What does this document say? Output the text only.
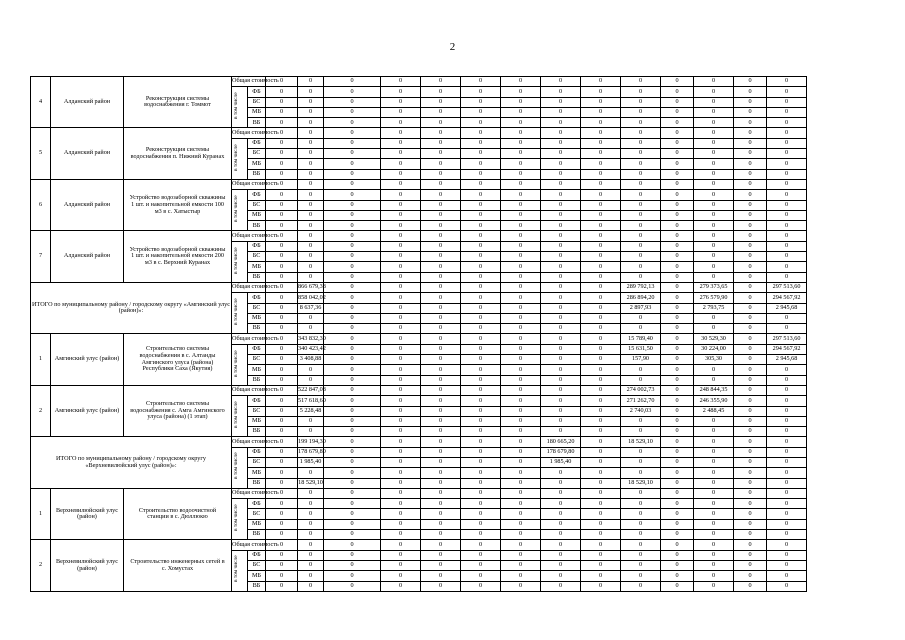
2
4	Алданский район	Реконструкция системы водоснабжения г. Томмот	Общая стоимость		0	0	0	0	0	0	0	0	0	0	0	0	0	0
			в том числе	ФБ	0	0	0	0	0	0	0	0	0	0	0	0	0	0
				БС	0	0	0	0	0	0	0	0	0	0	0	0	0	0
				МБ	0	0	0	0	0	0	0	0	0	0	0	0	0	0
				ВБ	0	0	0	0	0	0	0	0	0	0	0	0	0	0
5	Алданский район	Реконструкция системы водоснабжения п. Нижний Куранах	Общая стоимость		0	0	0	0	0	0	0	0	0	0	0	0	0	0
			в том числе	ФБ	0	0	0	0	0	0	0	0	0	0	0	0	0	0
				БС	0	0	0	0	0	0	0	0	0	0	0	0	0	0
				МБ	0	0	0	0	0	0	0	0	0	0	0	0	0	0
				ВБ	0	0	0	0	0	0	0	0	0	0	0	0	0	0
6	Алданский район	Устройство водозаборной скважины 1 шт. и накопительной емкости 100 м3 в с. Хатыстыр	Общая стоимость		0	0	0	0	0	0	0	0	0	0	0	0	0	0
			в том числе	ФБ	0	0	0	0	0	0	0	0	0	0	0	0	0	0
				БС	0	0	0	0	0	0	0	0	0	0	0	0	0	0
				МБ	0	0	0	0	0	0	0	0	0	0	0	0	0	0
				ВБ	0	0	0	0	0	0	0	0	0	0	0	0	0	0
7	Алданский район	Устройство водозаборной скважины 1 шт. и накопительной емкости 200 м3 в с. Верхний Куранах	Общая стоимость		0	0	0	0	0	0	0	0	0	0	0	0	0	0
			в том числе	ФБ	0	0	0	0	0	0	0	0	0	0	0	0	0	0
				БС	0	0	0	0	0	0	0	0	0	0	0	0	0	0
				МБ	0	0	0	0	0	0	0	0	0	0	0	0	0	0
				ВБ	0	0	0	0	0	0	0	0	0	0	0	0	0	0
ИТОГО по муниципальному району / городскому округу «Амгинский улус (район)»:			Общая стоимость		0	866 679,38	0	0	0	0	0	0	0	289 792,13	0	279 373,65	0	297 513,60
			в том числе	ФБ	0	858 042,02	0	0	0	0	0	0	0	286 894,20	0	276 579,90	0	294 567,92
				БС	0	8 637,36	0	0	0	0	0	0	0	2 897,93	0	2 793,75	0	2 945,68
				МБ	0	0	0	0	0	0	0	0	0	0	0	0	0	0
				ВБ	0	0	0	0	0	0	0	0	0	0	0	0	0	0
1	Амгинский улус (район)	Строительство системы водоснабжения в с. Алтанды Амгинского улуса (района) Республики Саха (Якутия)	Общая стоимость		0	343 832,30	0	0	0	0	0	0	0	15 789,40	0	30 529,30	0	297 513,60
			в том числе	ФБ	0	340 423,42	0	0	0	0	0	0	0	15 631,50	0	30 224,00	0	294 567,92
				БС	0	3 408,88	0	0	0	0	0	0	0	157,90	0	305,30	0	2 945,68
				МБ	0	0	0	0	0	0	0	0	0	0	0	0	0	0
				ВБ	0	0	0	0	0	0	0	0	0	0	0	0	0	0
2	Амгинский улус (район)	Строительство системы водоснабжения с. Амга Амгинского улуса (района) (1 этап)	Общая стоимость		0	522 847,08	0	0	0	0	0	0	0	274 002,73	0	248 844,35	0	0
			в том числе	ФБ	0	517 618,60	0	0	0	0	0	0	0	271 262,70	0	246 355,90	0	0
				БС	0	5 228,48	0	0	0	0	0	0	0	2 740,03	0	2 488,45	0	0
				МБ	0	0	0	0	0	0	0	0	0	0	0	0	0	0
				ВБ	0	0	0	0	0	0	0	0	0	0	0	0	0	0
ИТОГО по муниципальному району / городскому округу «Верхневилюйский улус (район)»:			Общая стоимость		0	199 194,30	0	0	0	0	0	180 665,20	0	18 529,10	0	0	0	0
			в том числе	ФБ	0	178 679,80	0	0	0	0	0	178 679,80	0	0	0	0	0	0
				БС	0	1 985,40	0	0	0	0	0	1 985,40	0	0	0	0	0	0
				МБ	0	0	0	0	0	0	0	0	0	0	0	0	0	0
				ВБ	0	18 529,10	0	0	0	0	0	0	0	18 529,10	0	0	0	0
1	Верхневилюйский улус (район)	Строительство водоочистной станции в с. Дюллюкю	Общая стоимость		0	0	0	0	0	0	0	0	0	0	0	0	0	0
			в том числе	ФБ	0	0	0	0	0	0	0	0	0	0	0	0	0	0
				БС	0	0	0	0	0	0	0	0	0	0	0	0	0	0
				МБ	0	0	0	0	0	0	0	0	0	0	0	0	0	0
				ВБ	0	0	0	0	0	0	0	0	0	0	0	0	0	0
2	Верхневилюйский улус (район)	Строительство инженерных сетей в с. Хомустах	Общая стоимость		0	0	0	0	0	0	0	0	0	0	0	0	0	0
			в том числе	ФБ	0	0	0	0	0	0	0	0	0	0	0	0	0	0
				БС	0	0	0	0	0	0	0	0	0	0	0	0	0	0
				МБ	0	0	0	0	0	0	0	0	0	0	0	0	0	0
				ВБ	0	0	0	0	0	0	0	0	0	0	0	0	0	0
